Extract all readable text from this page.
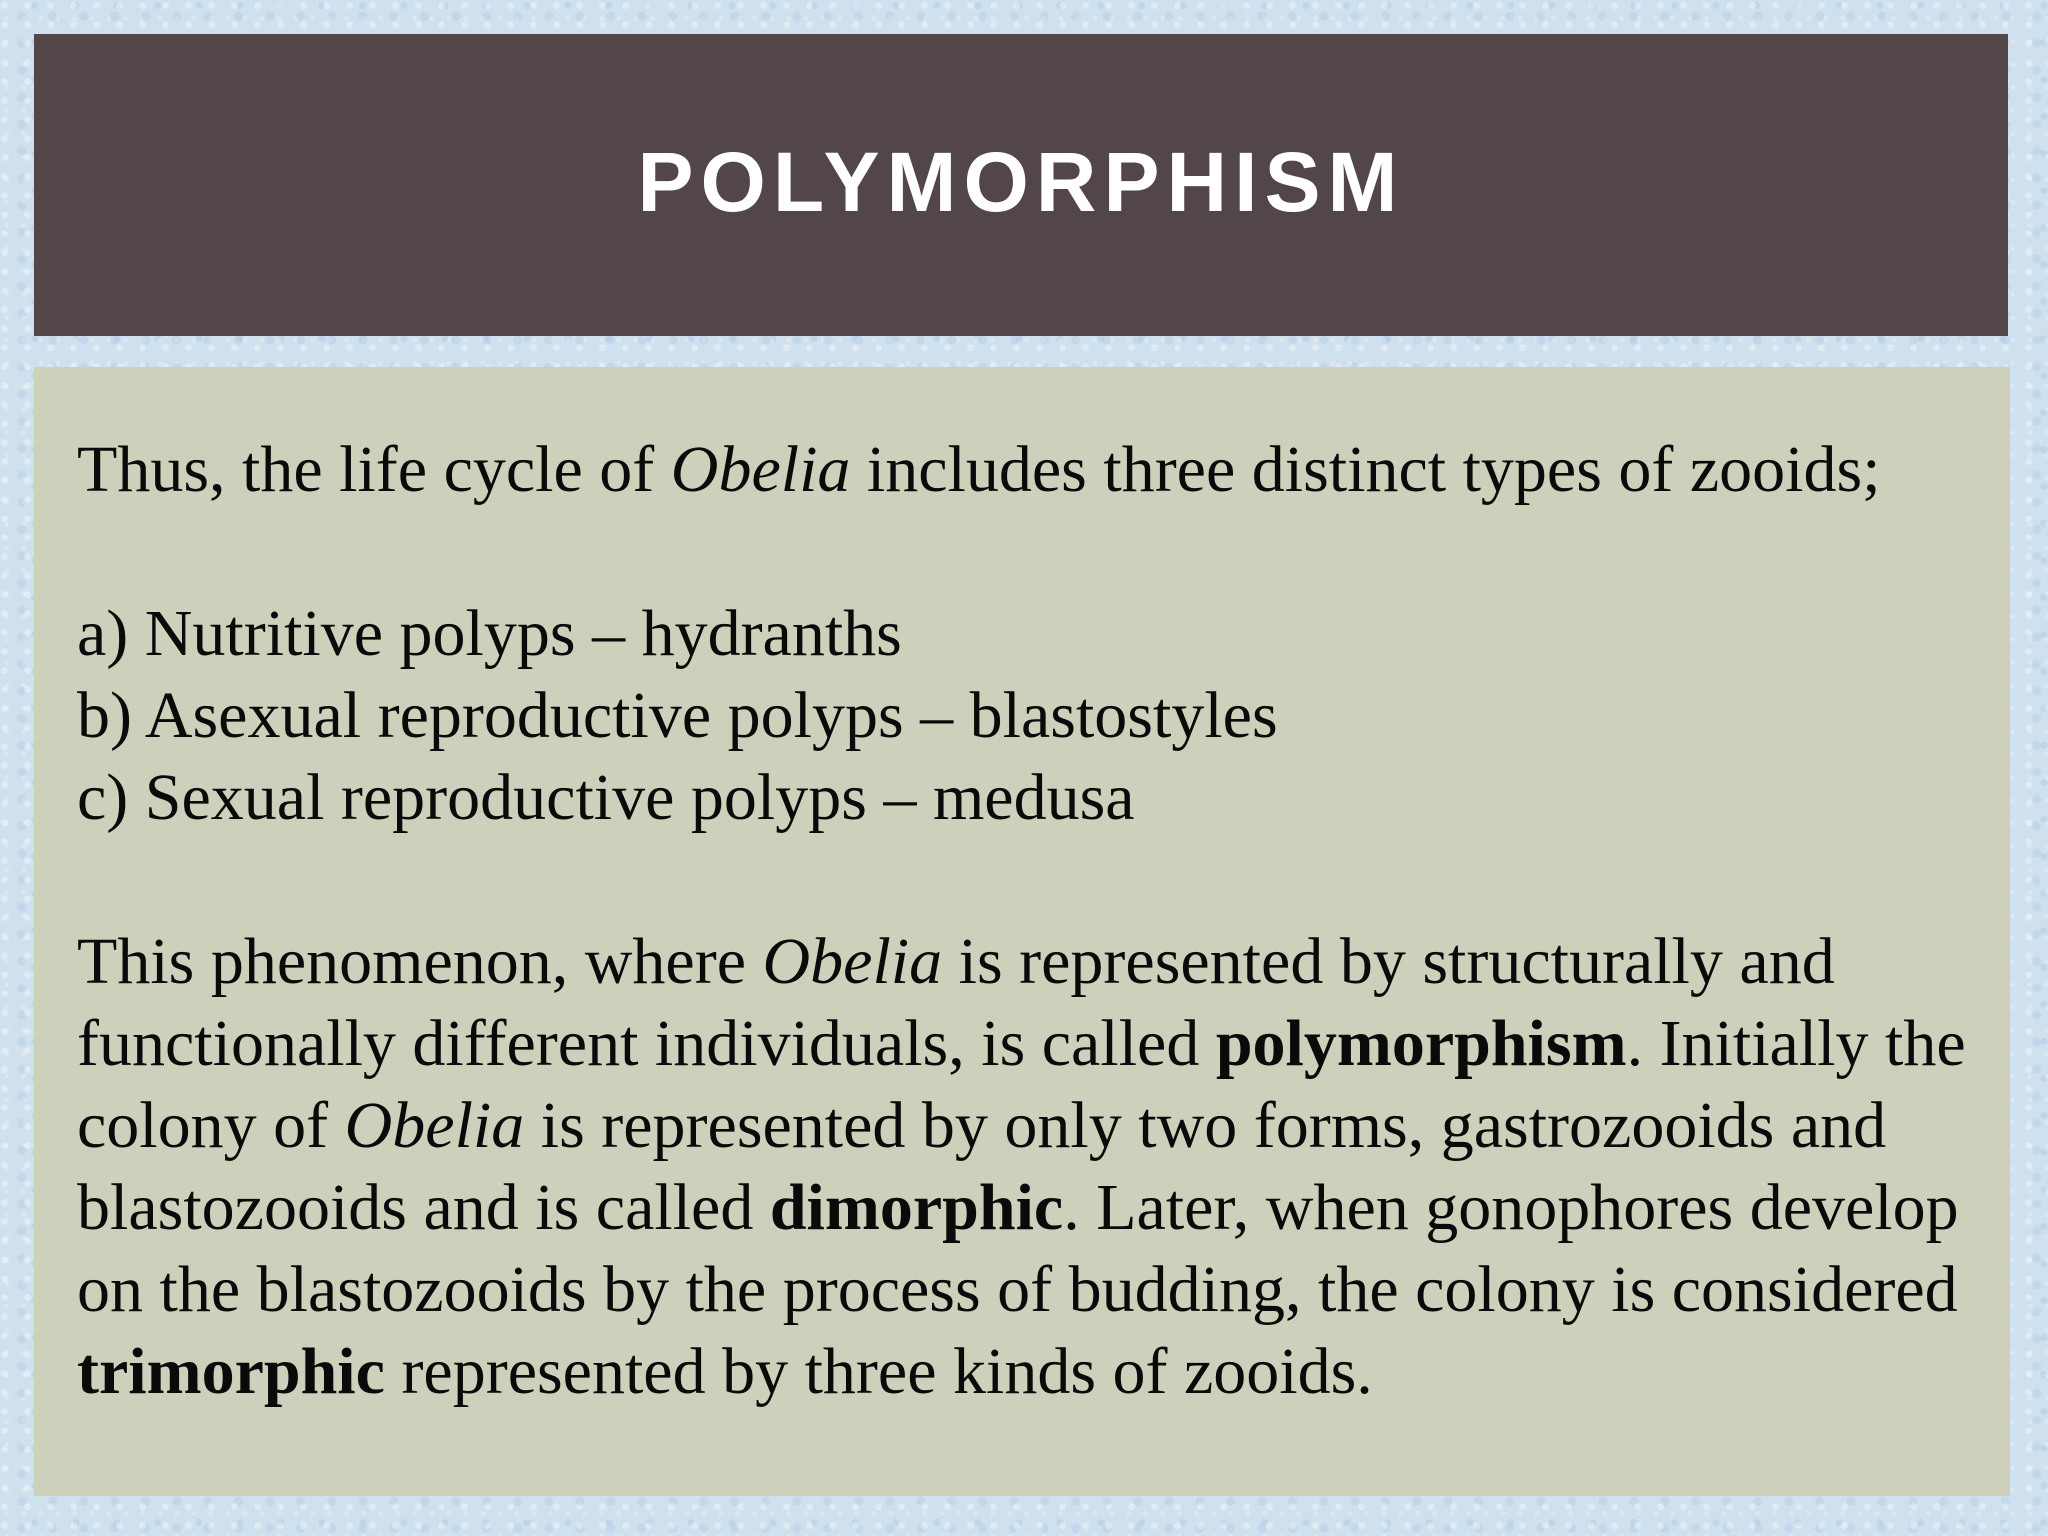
POLYMORPHISM
Thus, the life cycle of Obelia includes three distinct types of zooids;
a) Nutritive polyps – hydranths
b) Asexual reproductive polyps – blastostyles
c) Sexual reproductive polyps – medusa

This phenomenon, where Obelia is represented by structurally and functionally different individuals, is called polymorphism. Initially the colony of Obelia is represented by only two forms, gastrozooids and blastozooids and is called dimorphic. Later, when gonophores develop on the blastozooids by the process of budding, the colony is considered trimorphic represented by three kinds of zooids.
